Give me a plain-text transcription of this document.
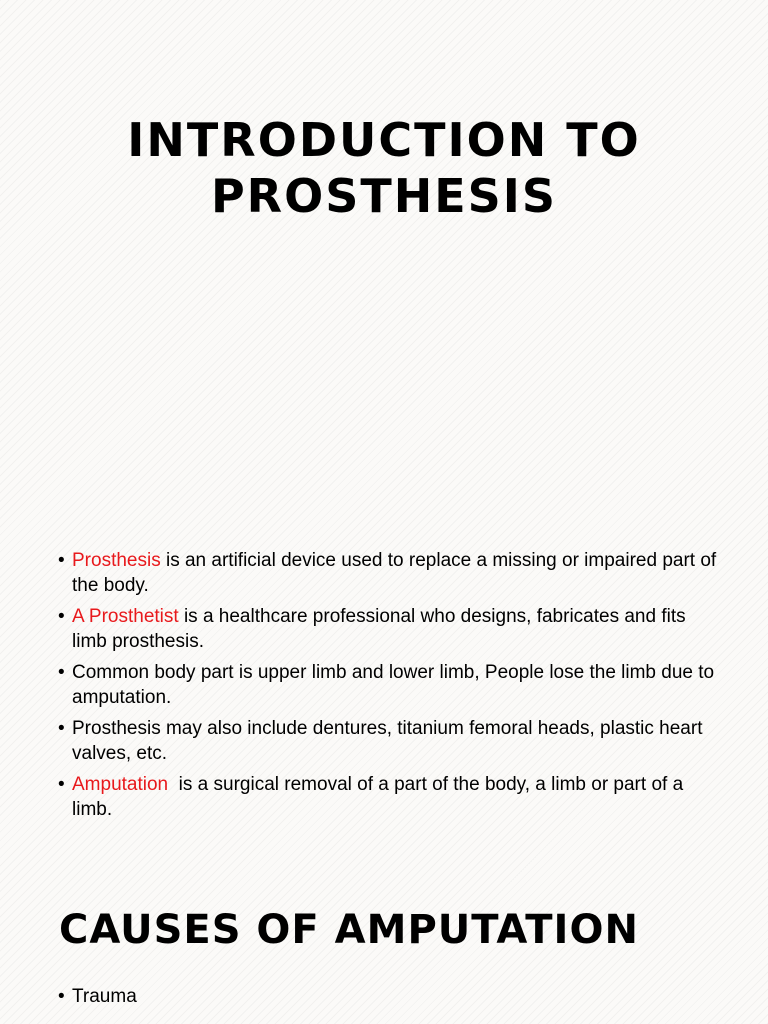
INTRODUCTION TO
PROSTHESIS
• Prosthesis is an artificial device used to replace a missing or impaired part of the body.
• A Prosthetist is a healthcare professional who designs, fabricates and fits limb prosthesis.
• Common body part is upper limb and lower limb, People lose the limb due to amputation.
• Prosthesis may also include dentures, titanium femoral heads, plastic heart valves, etc.
• Amputation  is a surgical removal of a part of the body, a limb or part of a limb.
CAUSES OF AMPUTATION
• Trauma
